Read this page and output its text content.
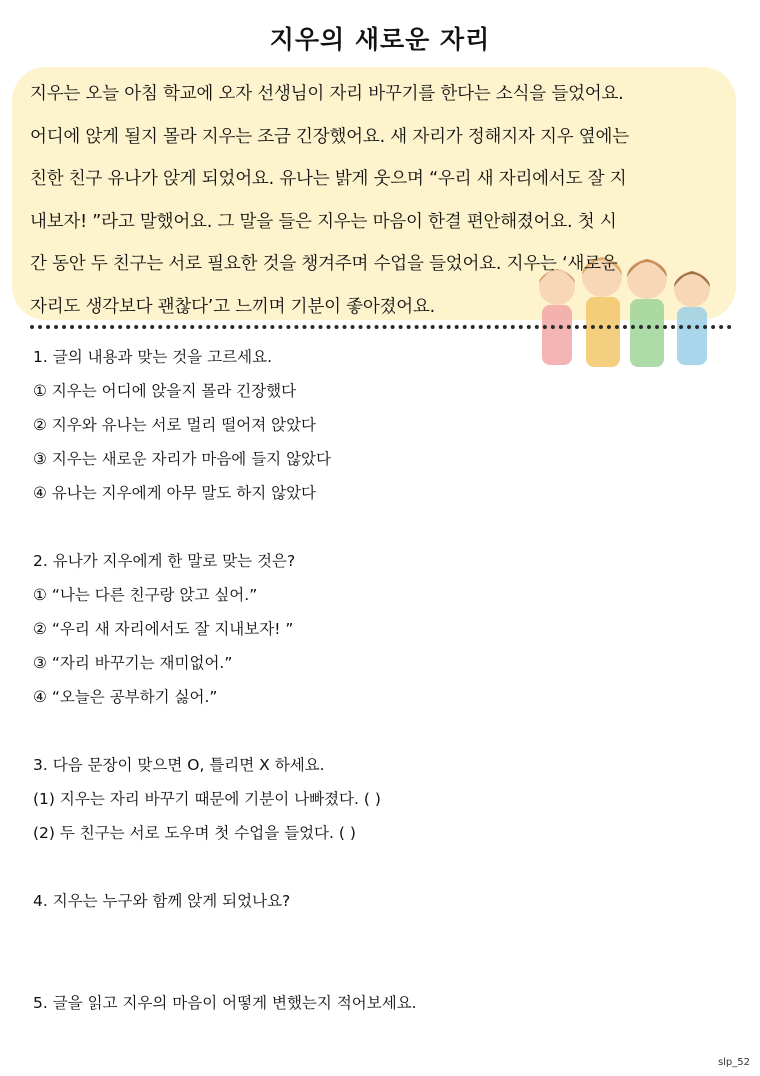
지우의 새로운 자리
지우는 오늘 아침 학교에 오자 선생님이 자리 바꾸기를 한다는 소식을 들었어요.
어디에 앉게 될지 몰라 지우는 조금 긴장했어요. 새 자리가 정해지자 지우 옆에는
친한 친구 유나가 앉게 되었어요. 유나는 밝게 웃으며 “우리 새 자리에서도 잘 지
내보자! ”라고 말했어요. 그 말을 들은 지우는 마음이 한결 편안해졌어요. 첫 시
간 동안 두 친구는 서로 필요한 것을 챙겨주며 수업을 들었어요. 지우는 ‘새로운
자리도 생각보다 괜찮다’고 느끼며 기분이 좋아졌어요.
1. 글의 내용과 맞는 것을 고르세요.
① 지우는 어디에 앉을지 몰라 긴장했다
② 지우와 유나는 서로 멀리 떨어져 앉았다
③ 지우는 새로운 자리가 마음에 들지 않았다
④ 유나는 지우에게 아무 말도 하지 않았다
2. 유나가 지우에게 한 말로 맞는 것은?
① “나는 다른 친구랑 앉고 싶어.”
② “우리 새 자리에서도 잘 지내보자! ”
③ “자리 바꾸기는 재미없어.”
④ “오늘은 공부하기 싫어.”
3. 다음 문장이 맞으면 O, 틀리면 X 하세요.
(1) 지우는 자리 바꾸기 때문에 기분이 나빠졌다. ( )
(2) 두 친구는 서로 도우며 첫 수업을 들었다. ( )
4. 지우는 누구와 함께 앉게 되었나요?
5. 글을 읽고 지우의 마음이 어떻게 변했는지 적어보세요.
slp_52
